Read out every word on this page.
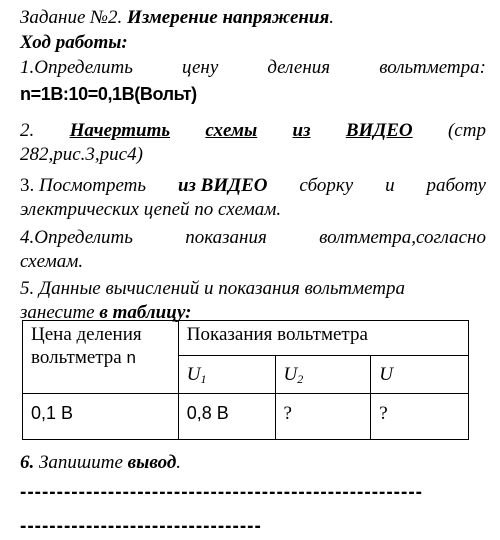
Задание №2. Измерение напряжения.
Ход работы:
1.Определить	цену	деления	вольтметра:
n=1В:10=0,1В(Вольт)
2. Начертить схемы из ВИДЕО (стр
282,рис.3,рис4)
3. Посмотреть из ВИДЕО сборку и работу
электрических цепей по схемам.
4.Определить	показания	волтметра,согласно
схемам.
5. Данные вычислений и показания вольтметра
занесите в таблицу:
Цена деления
вольтметра n	Показания вольтметра		
	$U_1$	$U_2$	U
0,1 В	0,8 В	?	?
6. Запишите вывод.
-------------------------------------------------------
---------------------------------
